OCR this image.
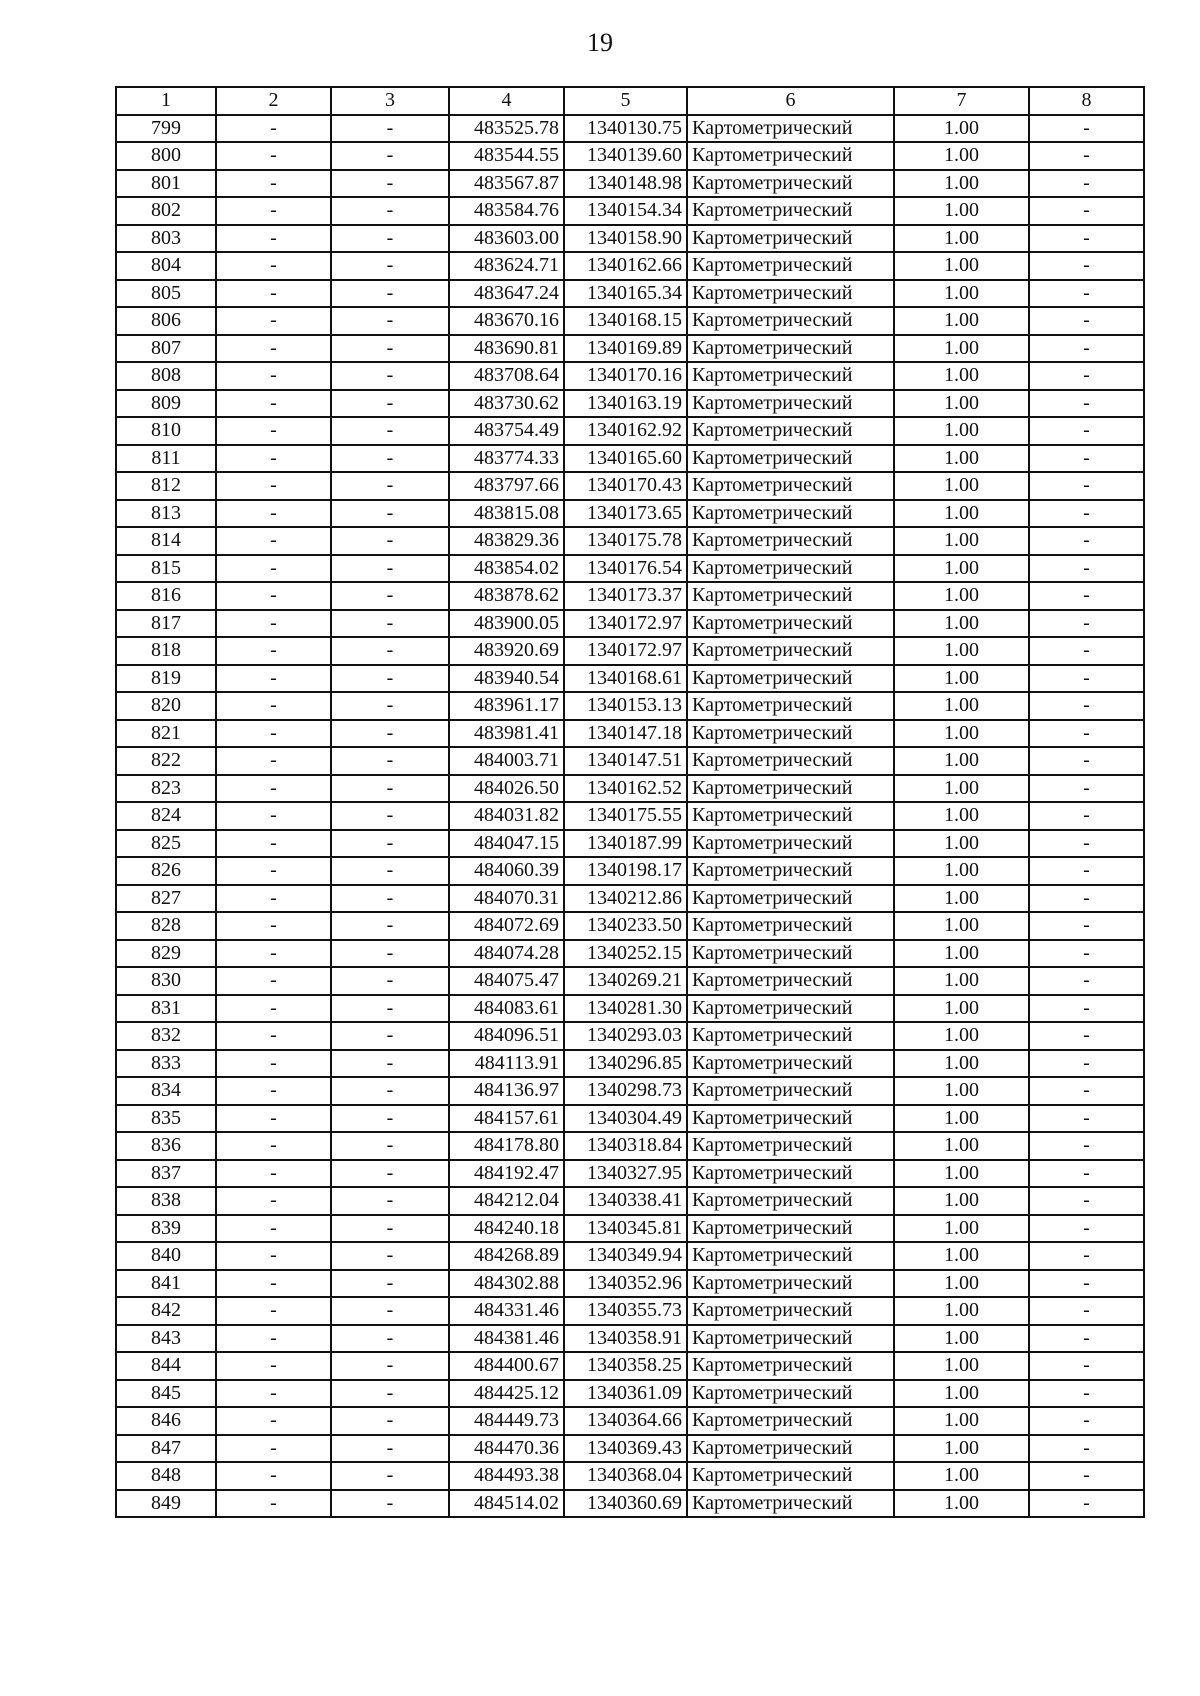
19
1	2	3	4	5	6	7	8
799	-	-	483525.78	1340130.75	Картометрический	1.00	-
800	-	-	483544.55	1340139.60	Картометрический	1.00	-
801	-	-	483567.87	1340148.98	Картометрический	1.00	-
802	-	-	483584.76	1340154.34	Картометрический	1.00	-
803	-	-	483603.00	1340158.90	Картометрический	1.00	-
804	-	-	483624.71	1340162.66	Картометрический	1.00	-
805	-	-	483647.24	1340165.34	Картометрический	1.00	-
806	-	-	483670.16	1340168.15	Картометрический	1.00	-
807	-	-	483690.81	1340169.89	Картометрический	1.00	-
808	-	-	483708.64	1340170.16	Картометрический	1.00	-
809	-	-	483730.62	1340163.19	Картометрический	1.00	-
810	-	-	483754.49	1340162.92	Картометрический	1.00	-
811	-	-	483774.33	1340165.60	Картометрический	1.00	-
812	-	-	483797.66	1340170.43	Картометрический	1.00	-
813	-	-	483815.08	1340173.65	Картометрический	1.00	-
814	-	-	483829.36	1340175.78	Картометрический	1.00	-
815	-	-	483854.02	1340176.54	Картометрический	1.00	-
816	-	-	483878.62	1340173.37	Картометрический	1.00	-
817	-	-	483900.05	1340172.97	Картометрический	1.00	-
818	-	-	483920.69	1340172.97	Картометрический	1.00	-
819	-	-	483940.54	1340168.61	Картометрический	1.00	-
820	-	-	483961.17	1340153.13	Картометрический	1.00	-
821	-	-	483981.41	1340147.18	Картометрический	1.00	-
822	-	-	484003.71	1340147.51	Картометрический	1.00	-
823	-	-	484026.50	1340162.52	Картометрический	1.00	-
824	-	-	484031.82	1340175.55	Картометрический	1.00	-
825	-	-	484047.15	1340187.99	Картометрический	1.00	-
826	-	-	484060.39	1340198.17	Картометрический	1.00	-
827	-	-	484070.31	1340212.86	Картометрический	1.00	-
828	-	-	484072.69	1340233.50	Картометрический	1.00	-
829	-	-	484074.28	1340252.15	Картометрический	1.00	-
830	-	-	484075.47	1340269.21	Картометрический	1.00	-
831	-	-	484083.61	1340281.30	Картометрический	1.00	-
832	-	-	484096.51	1340293.03	Картометрический	1.00	-
833	-	-	484113.91	1340296.85	Картометрический	1.00	-
834	-	-	484136.97	1340298.73	Картометрический	1.00	-
835	-	-	484157.61	1340304.49	Картометрический	1.00	-
836	-	-	484178.80	1340318.84	Картометрический	1.00	-
837	-	-	484192.47	1340327.95	Картометрический	1.00	-
838	-	-	484212.04	1340338.41	Картометрический	1.00	-
839	-	-	484240.18	1340345.81	Картометрический	1.00	-
840	-	-	484268.89	1340349.94	Картометрический	1.00	-
841	-	-	484302.88	1340352.96	Картометрический	1.00	-
842	-	-	484331.46	1340355.73	Картометрический	1.00	-
843	-	-	484381.46	1340358.91	Картометрический	1.00	-
844	-	-	484400.67	1340358.25	Картометрический	1.00	-
845	-	-	484425.12	1340361.09	Картометрический	1.00	-
846	-	-	484449.73	1340364.66	Картометрический	1.00	-
847	-	-	484470.36	1340369.43	Картометрический	1.00	-
848	-	-	484493.38	1340368.04	Картометрический	1.00	-
849	-	-	484514.02	1340360.69	Картометрический	1.00	-
